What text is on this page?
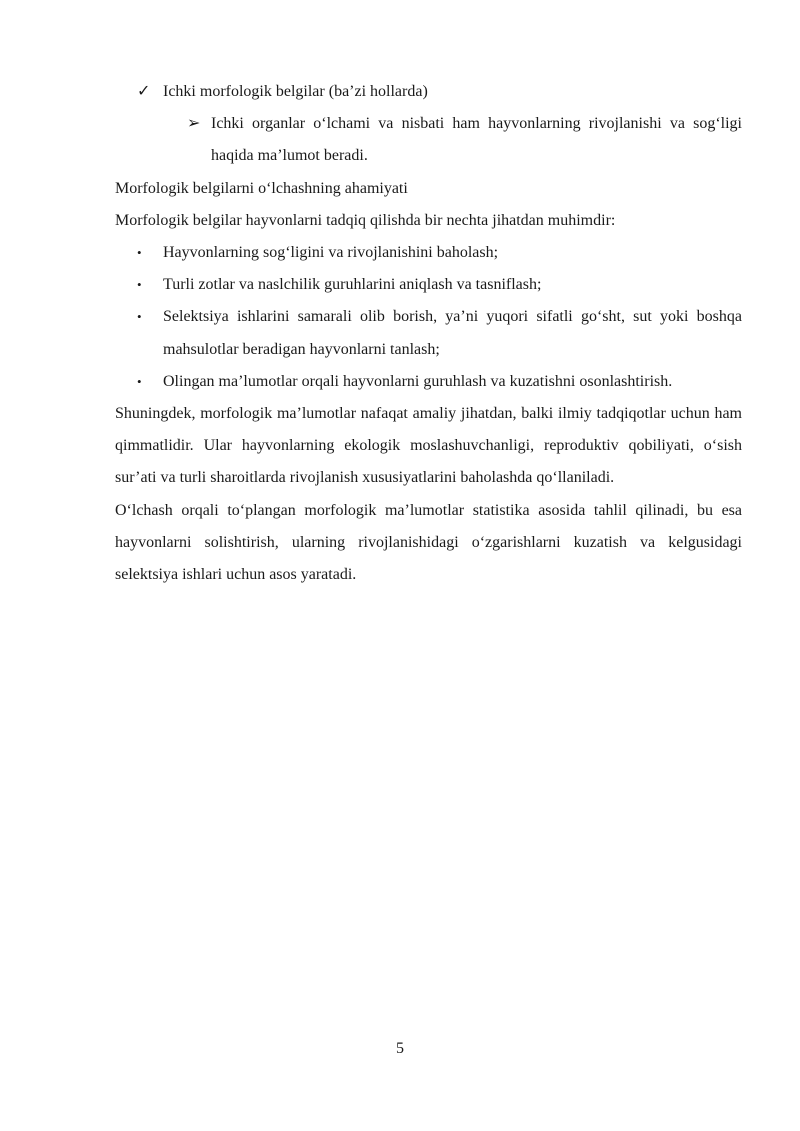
✓ Ichki morfologik belgilar (ba’zi hollarda)
➢ Ichki organlar o‘lchami va nisbati ham hayvonlarning rivojlanishi va sog‘ligi haqida ma’lumot beradi.

Morfologik belgilarni o‘lchashning ahamiyati

Morfologik belgilar hayvonlarni tadqiq qilishda bir nechta jihatdan muhimdir:

•	Hayvonlarning sog‘ligini va rivojlanishini baholash;
•	Turli zotlar va naslchilik guruhlarini aniqlash va tasniflash;
•	Selektsiya ishlarini samarali olib borish, ya’ni yuqori sifatli go‘sht, sut yoki boshqa mahsulotlar beradigan hayvonlarni tanlash;
•	Olingan ma’lumotlar orqali hayvonlarni guruhlash va kuzatishni osonlashtirish.

Shuningdek, morfologik ma’lumotlar nafaqat amaliy jihatdan, balki ilmiy tadqiqotlar uchun ham qimmatlidir. Ular hayvonlarning ekologik moslashuvchanligi, reproduktiv qobiliyati, o‘sish sur’ati va turli sharoitlarda rivojlanish xususiyatlarini baholashda qo‘llaniladi.

O‘lchash orqali to‘plangan morfologik ma’lumotlar statistika asosida tahlil qilinadi, bu esa hayvonlarni solishtirish, ularning rivojlanishidagi o‘zgarishlarni kuzatish va kelgusidagi selektsiya ishlari uchun asos yaratadi.

5
